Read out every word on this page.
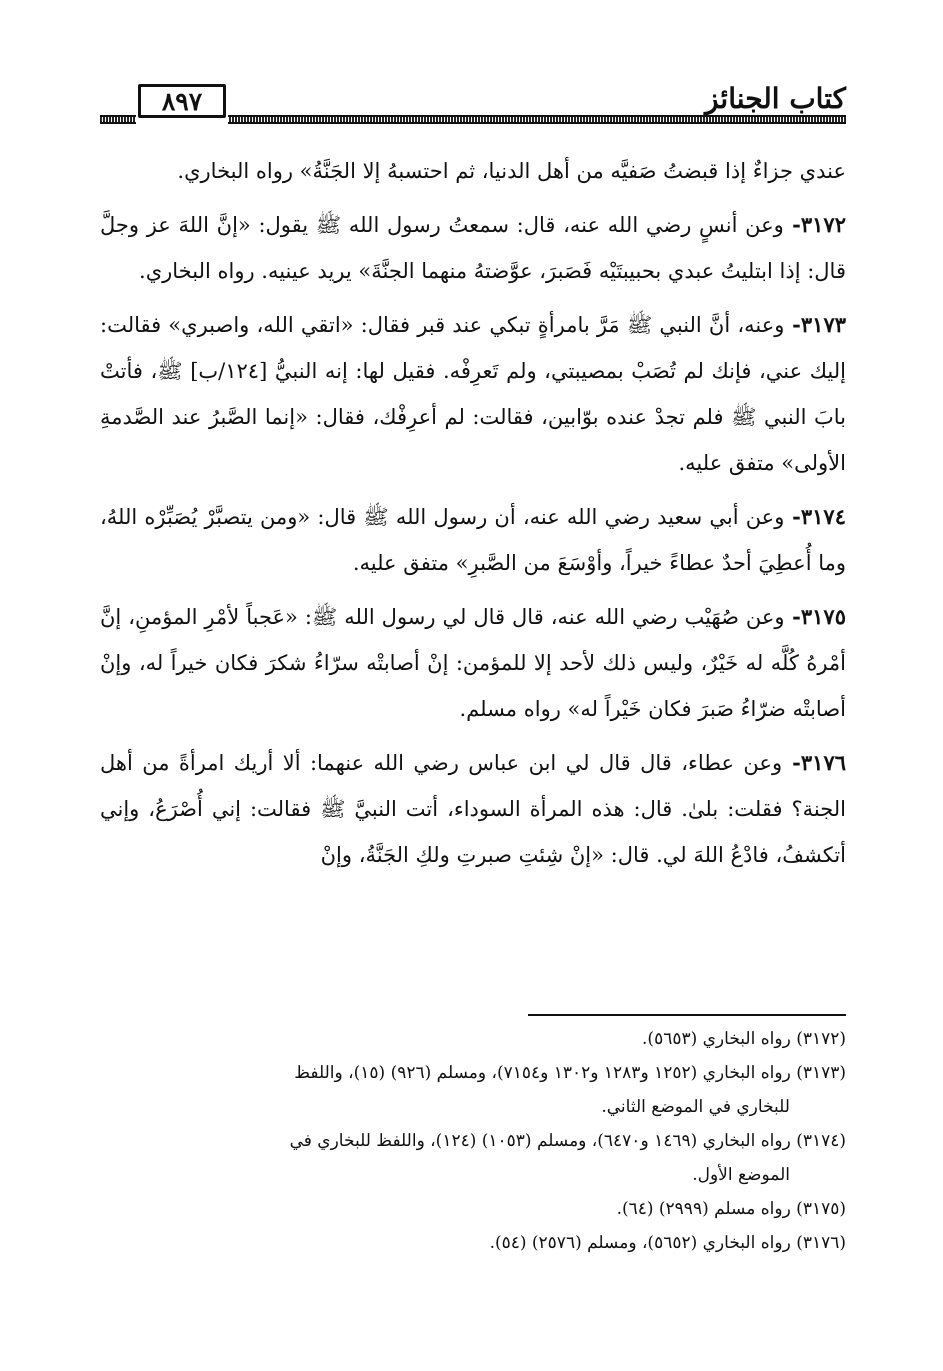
كتاب الجنائز
٨٩٧

عندي جزاءٌ إذا قبضتُ صَفيَّه من أهل الدنيا، ثم احتسبهُ إلا الجَنَّةُ» رواه البخاري.

٣١٧٢- وعن أنسٍ رضي الله عنه، قال: سمعتُ رسول الله ﷺ يقول: «إنَّ اللهَ عز وجلَّ قال: إذا ابتليتُ عبدي بحبيبتَيْه فَصَبرَ، عوَّضتهُ منهما الجنَّةَ» يريد عينيه. رواه البخاري.

٣١٧٣- وعنه، أنَّ النبي ﷺ مَرَّ بامرأةٍ تبكي عند قبر فقال: «اتقي الله، واصبري» فقالت: إليك عني، فإنك لم تُصَبْ بمصيبتي، ولم تَعرِفْه. فقيل لها: إنه النبيُّ [١٢٤/ب] ﷺ، فأتتْ بابَ النبي ﷺ فلم تجدْ عنده بوّابين، فقالت: لم أعرِفْك، فقال: «إنما الصَّبرُ عند الصَّدمةِ الأولى» متفق عليه.

٣١٧٤- وعن أبي سعيد رضي الله عنه، أن رسول الله ﷺ قال: «ومن يتصبَّرْ يُصَبِّرْه اللهُ، وما أُعطِيَ أحدٌ عطاءً خيراً، وأوْسَعَ من الصَّبرِ» متفق عليه.

٣١٧٥- وعن صُهَيْب رضي الله عنه، قال قال لي رسول الله ﷺ: «عَجباً لأمْرِ المؤمنِ، إنَّ أمْرهُ كُلَّه له خَيْرٌ، وليس ذلك لأحد إلا للمؤمن: إنْ أصابتْه سرّاءُ شكرَ فكان خيراً له، وإنْ أصابتْه ضرّاءُ صَبرَ فكان خَيْراً له» رواه مسلم.

٣١٧٦- وعن عطاء، قال قال لي ابن عباس رضي الله عنهما: ألا أريك امرأةً من أهل الجنة؟ فقلت: بلىٰ. قال: هذه المرأة السوداء، أتت النبيَّ ﷺ فقالت: إني أُصْرَعُ، وإني أتكشفُ، فادْعُ اللهَ لي. قال: «إنْ شِئتِ صبرتِ ولكِ الجَنَّةُ، وإنْ

(٣١٧٢) رواه البخاري (٥٦٥٣).

(٣١٧٣) رواه البخاري (١٢٥٢ و١٢٨٣ و١٣٠٢ و٧١٥٤)، ومسلم (٩٢٦) (١٥)، واللفظ
للبخاري في الموضع الثاني.

(٣١٧٤) رواه البخاري (١٤٦٩ و٦٤٧٠)، ومسلم (١٠٥٣) (١٢٤)، واللفظ للبخاري في
الموضع الأول.

(٣١٧٥) رواه مسلم (٢٩٩٩) (٦٤).

(٣١٧٦) رواه البخاري (٥٦٥٢)، ومسلم (٢٥٧٦) (٥٤).
